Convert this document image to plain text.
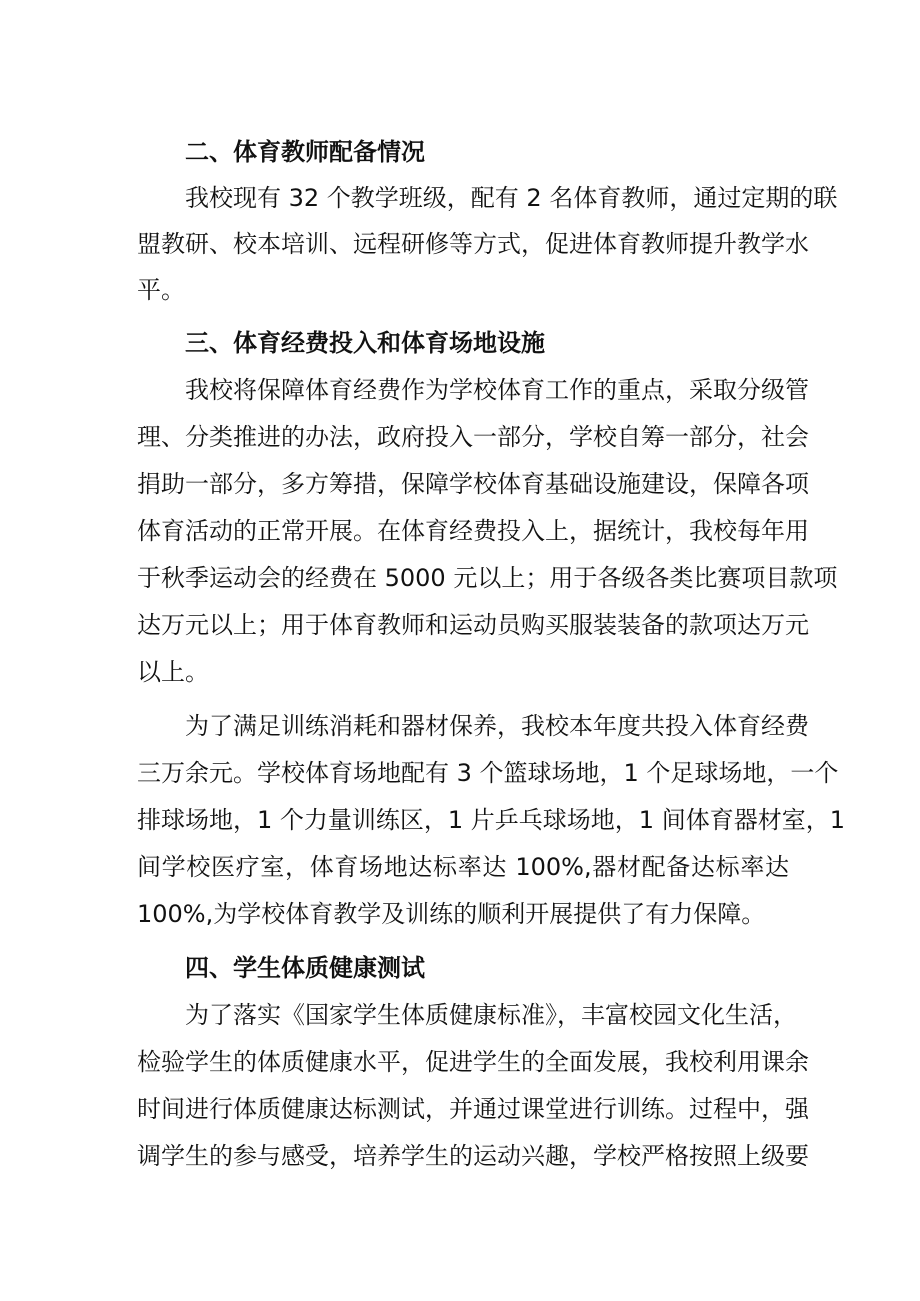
二、体育教师配备情况
我校现有 32 个教学班级，配有 2 名体育教师，通过定期的联
盟教研、校本培训、远程研修等方式，促进体育教师提升教学水
平。
三、体育经费投入和体育场地设施
我校将保障体育经费作为学校体育工作的重点，采取分级管
理、分类推进的办法，政府投入一部分，学校自筹一部分，社会
捐助一部分，多方筹措，保障学校体育基础设施建设，保障各项
体育活动的正常开展。在体育经费投入上，据统计，我校每年用
于秋季运动会的经费在 5000 元以上；用于各级各类比赛项目款项
达万元以上；用于体育教师和运动员购买服装装备的款项达万元
以上。
为了满足训练消耗和器材保养，我校本年度共投入体育经费
三万余元。学校体育场地配有 3 个篮球场地，1 个足球场地，一个
排球场地，1 个力量训练区，1 片乒乓球场地，1 间体育器材室，1
间学校医疗室，体育场地达标率达 100%,器材配备达标率达
100%,为学校体育教学及训练的顺利开展提供了有力保障。
四、学生体质健康测试
为了落实《国家学生体质健康标准》，丰富校园文化生活，
检验学生的体质健康水平，促进学生的全面发展，我校利用课余
时间进行体质健康达标测试，并通过课堂进行训练。过程中，强
调学生的参与感受，培养学生的运动兴趣，学校严格按照上级要
